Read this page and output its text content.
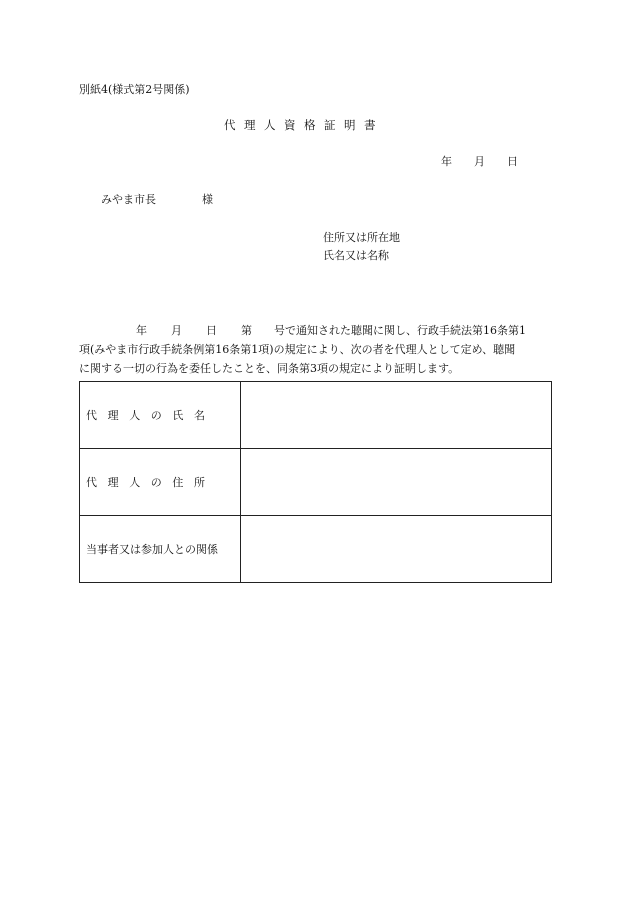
別紙4(様式第2号関係)
代理人資格証明書
年 月 日
みやま市長	様
住所又は所在地
氏名又は名称
年 月 日 第 号で通知された聴聞に関し、行政手続法第16条第1
項(みやま市行政手続条例第16条第1項)の規定により、次の者を代理人として定め、聴聞
に関する一切の行為を委任したことを、同条第3項の規定により証明します。
代理人の氏名	
代理人の住所	
当事者又は参加人との関係	
